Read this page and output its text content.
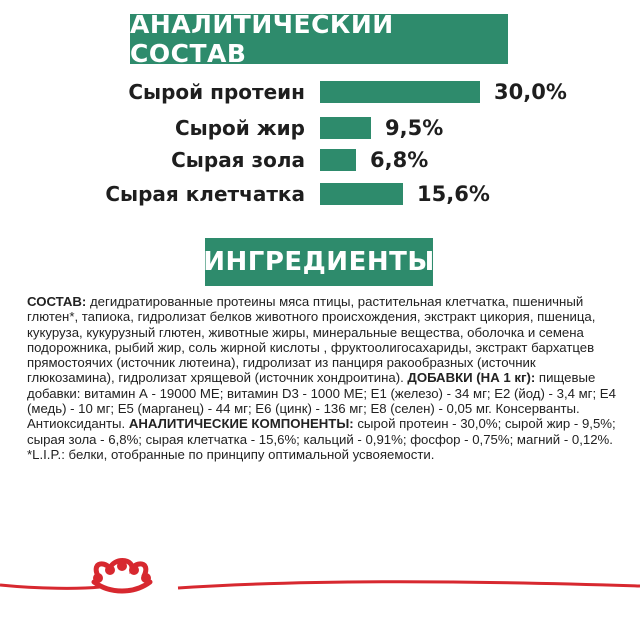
АНАЛИТИЧЕСКИЙ СОСТАВ
Сырой протеин	30,0%
Сырой жир	9,5%
Сырая зола	6,8%
Сырая клетчатка	15,6%
ИНГРЕДИЕНТЫ
СОСТАВ: дегидратированные протеины мяса птицы, растительная клетчатка, пшеничный глютен*, тапиока, гидролизат белков животного происхождения, экстракт цикория, пшеница, кукуруза, кукурузный глютен, животные жиры, минеральные вещества, оболочка и семена подорожника, рыбий жир, соль жирной кислоты , фруктоолигосахариды, экстракт бархатцев прямостоячих (источник лютеина), гидролизат из панциря ракообразных (источник глюкозамина), гидролизат хрящевой (источник хондроитина). ДОБАВКИ (НА 1 кг): пищевые добавки: витамин А - 19000 МЕ; витамин D3 - 1000 МЕ; Е1 (железо) - 34 мг; Е2 (йод) - 3,4 мг; Е4 (медь) - 10 мг; Е5 (марганец) - 44 мг; Е6 (цинк) - 136 мг; Е8 (селен) - 0,05 мг. Консерванты. Антиоксиданты. АНАЛИТИЧЕСКИЕ КОМПОНЕНТЫ: сырой протеин - 30,0%; сырой жир - 9,5%; сырая зола - 6,8%; сырая клетчатка - 15,6%; кальций - 0,91%; фосфор - 0,75%; магний - 0,12%.
*L.I.P.: белки, отобранные по принципу оптимальной усвояемости.
